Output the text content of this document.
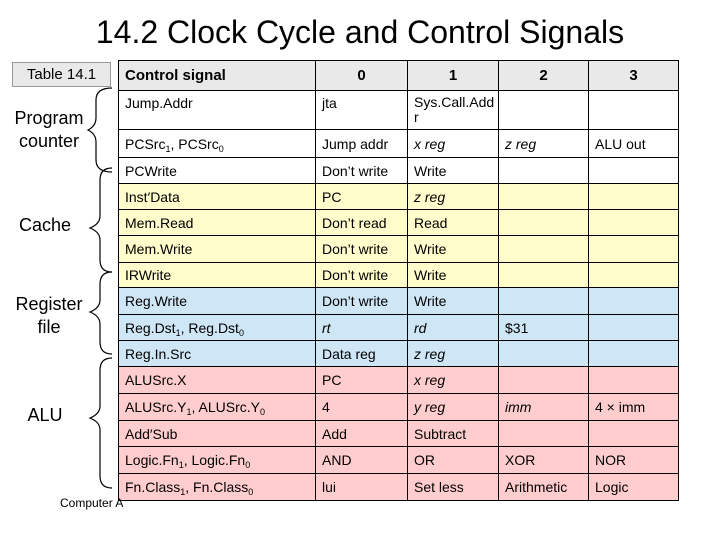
14.2 Clock Cycle and Control Signals
Table 14.1
Program counter
Cache
Register file
ALU
Control signal	0	1	2	3
Jump.Addr	jta	Sys.Call.Addr		
PCSrc$_1$, PCSrc$_0$	Jump addr	x reg	z reg	ALU out
PCWrite	Don’t write	Write		
Inst′Data	PC	z reg		
Mem.Read	Don’t read	Read		
Mem.Write	Don’t write	Write		
IRWrite	Don’t write	Write		
Reg.Write	Don’t write	Write		
Reg.Dst$_1$, Reg.Dst$_0$	rt	rd	$31	
Reg.In.Src	Data reg	z reg		
ALUSrc.X	PC	x reg		
$ALUSrc.Y_1$, $ALUSrc.Y_0$	4	y reg	imm	4 × imm
Add′Sub	Add	Subtract		
$Logic.Fn_1$, $Logic.Fn_0$	AND	OR	XOR	NOR
Fn.Class$_1$, Fn.Class$_0$	lui	Set less	Arithmetic	Logic
Computer A
